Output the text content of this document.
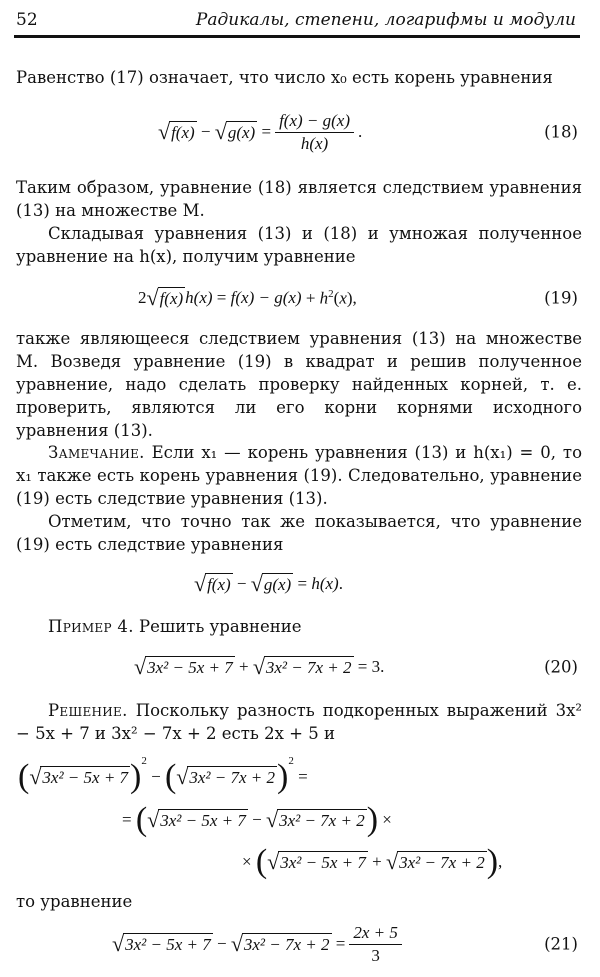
52	Радикалы, степени, логарифмы и модули

Равенство (17) означает, что число x₀ есть корень уравнения

√ f(x) − √ $g(x) = \frac{f(x) - g(x)}{h(x)}$ .	(18)

Таким образом, уравнение (18) является следствием уравнения (13) на множестве M.

Складывая уравнения (13) и (18) и умножая полученное уравнение на h(x), получим уравнение

2 √ f(x) $h(x) = f(x) - g(x) + h^2(x)$,	(19)

также являющееся следствием уравнения (13) на множестве M. Возведя уравнение (19) в квадрат и решив полученное уравнение, надо сделать проверку найденных корней, т. е. проверить, являются ли его корни корнями исходного уравнения (13).

Замечание. Если x₁ — корень уравнения (13) и h(x₁) = 0, то x₁ также есть корень уравнения (19). Следовательно, уравнение (19) есть следствие уравнения (13).

Отметим, что точно так же показывается, что уравнение (19) есть следствие уравнения

√ f(x) − √ g(x) = h(x) .

Пример 4. Решить уравнение

√ 3x² − 5x + 7 + √ 3x² − 7x + 2 = 3.	(20)

Решение. Поскольку разность подкоренных выражений 3x² − 5x + 7 и 3x² − 7x + 2 есть 2x + 5 и

( √ 3x² − 5x + 7 )$^2$
− ( √ 3x² − 7x + 2 )$^2$
=
= ( √ 3x² − 5x + 7 − √ 3x² − 7x + 2 ) ×
× ( √ 3x² − 5x + 7 + √ 3x² − 7x + 2 ) ,

то уравнение

√ 3x² − 5x + 7 − √ $3x^2 - 7x + 2 = \frac{2x + 5}{3}$	(21)
